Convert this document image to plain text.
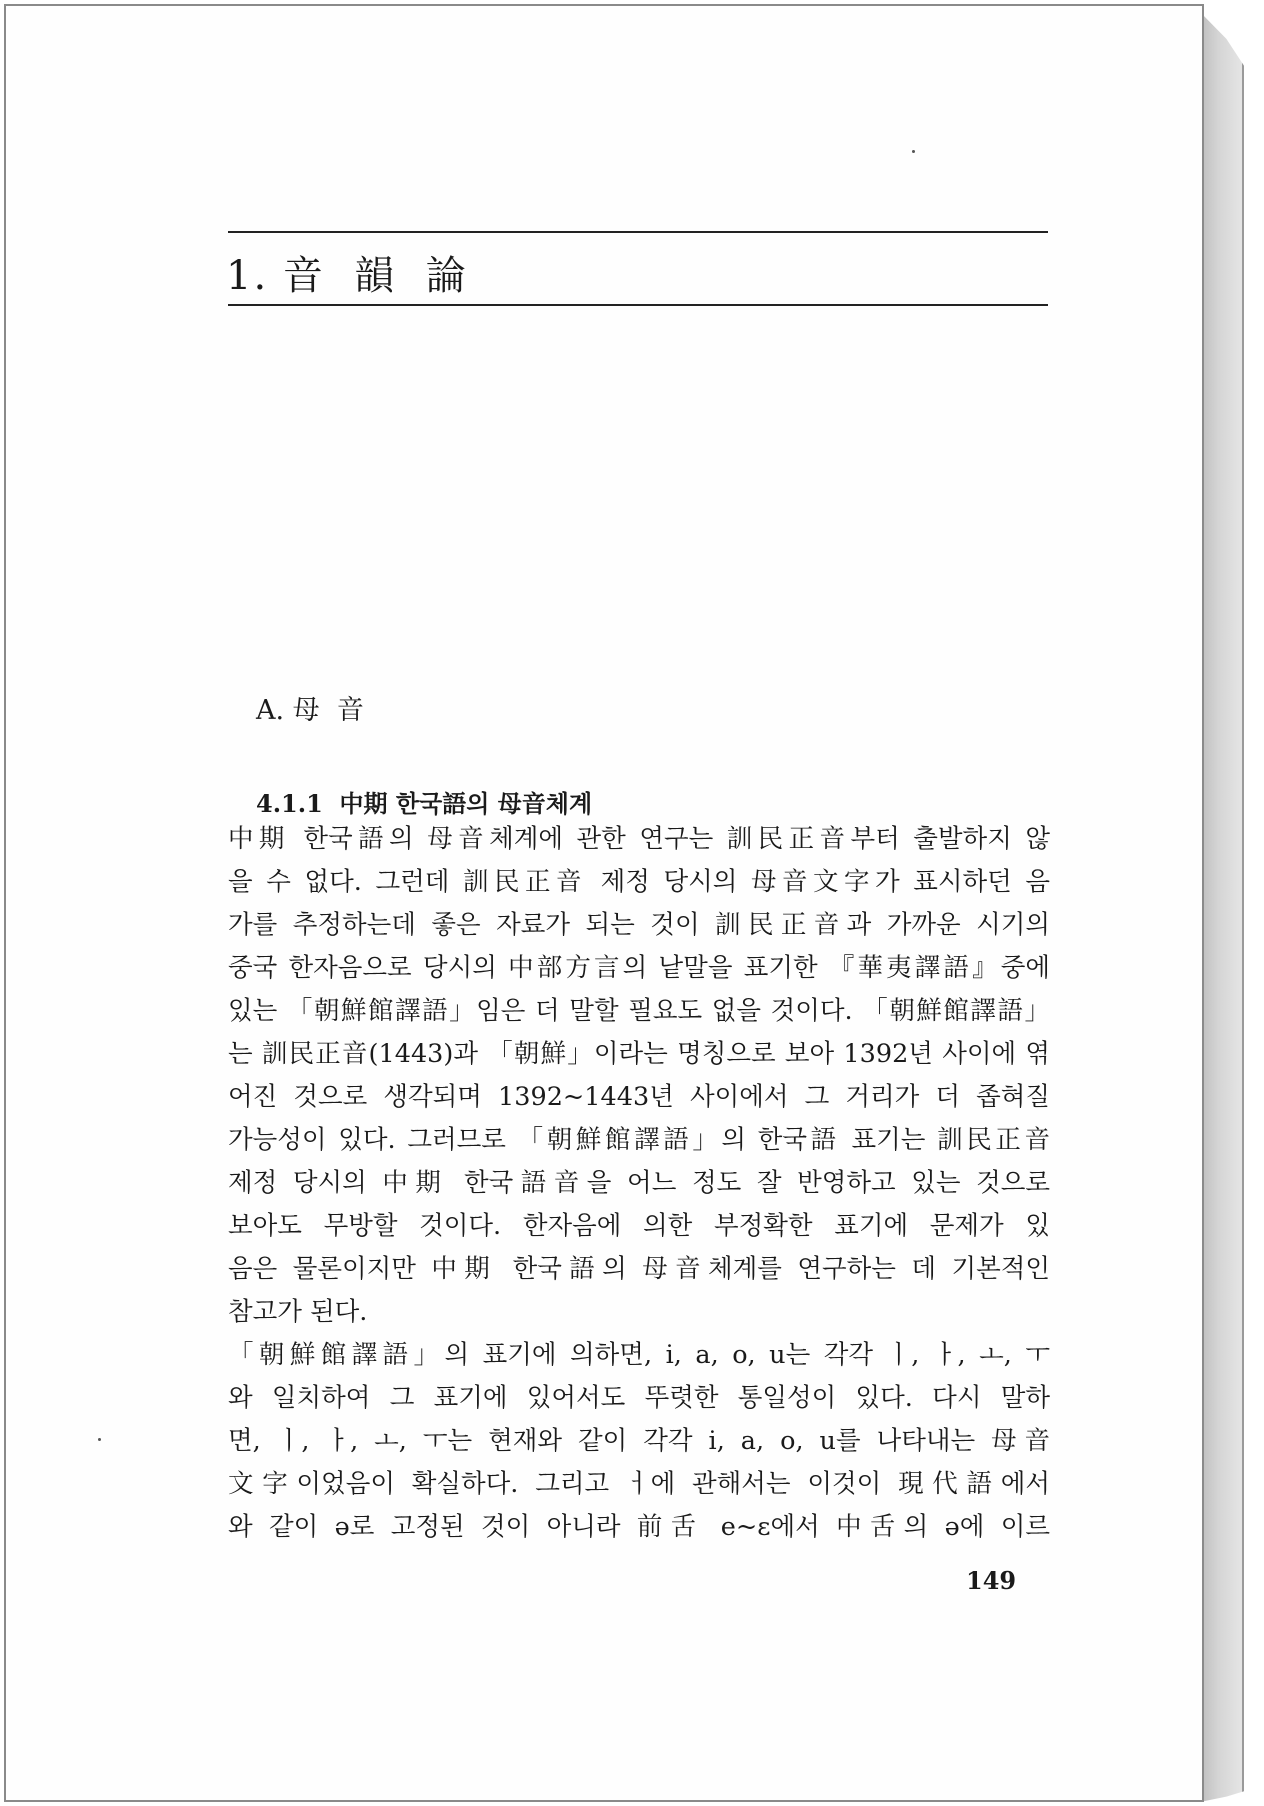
1. 音  韻  論
A. 母  音
4.1.1  中期 한국語의 母音체계
中期 한국語의 母音체계에 관한 연구는 訓民正音부터 출발하지 않
을 수 없다. 그런데 訓民正音 제정 당시의 母音文字가 표시하던 음
가를 추정하는데 좋은 자료가 되는 것이 訓民正音과 가까운 시기의
중국 한자음으로 당시의 中部方言의 낱말을 표기한 『華夷譯語』중에
있는 「朝鮮館譯語」임은 더 말할 필요도 없을 것이다. 「朝鮮館譯語」
는 訓民正音(1443)과 「朝鮮」이라는 명칭으로 보아 1392년 사이에 엮
어진 것으로 생각되며 1392~1443년 사이에서 그 거리가 더 좁혀질
가능성이 있다. 그러므로 「朝鮮館譯語」의 한국語 표기는 訓民正音
제정 당시의 中期 한국語音을 어느 정도 잘 반영하고 있는 것으로
보아도 무방할 것이다. 한자음에 의한 부정확한 표기에 문제가 있
음은 물론이지만 中期 한국語의 母音체계를 연구하는 데 기본적인
참고가 된다.
「朝鮮館譯語」의 표기에 의하면, i, a, o, u는 각각 ㅣ, ㅏ, ㅗ, ㅜ
와 일치하여 그 표기에 있어서도 뚜렷한 통일성이 있다. 다시 말하
면, ㅣ, ㅏ, ㅗ, ㅜ는 현재와 같이 각각 i, a, o, u를 나타내는 母音
文字이었음이 확실하다. 그리고 ㅓ에 관해서는 이것이 現代語에서
와 같이 ə로 고정된 것이 아니라 前舌 e~ɛ에서 中舌의 ə에 이르
149
